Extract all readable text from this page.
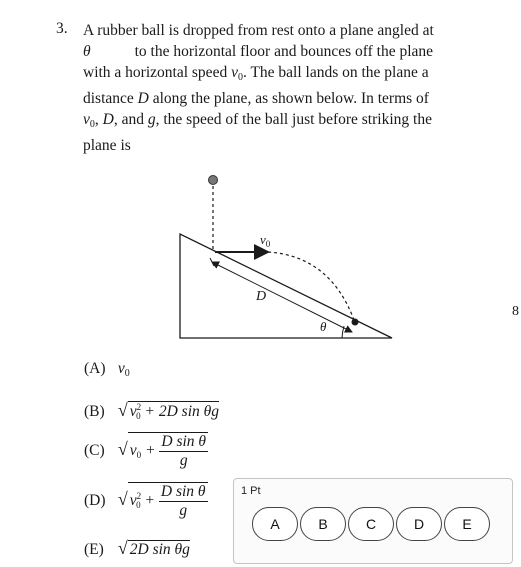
3. A rubber ball is dropped from rest onto a plane angled at
θ	to the horizontal floor and bounces off the plane
with a horizontal speed $v_0$. The ball lands on the plane a
distance D along the plane, as shown below. In terms of
$v_0$, D, and g, the speed of the ball just before striking the
plane is
$v_0$
D
θ
(A) v0
(B) √ $v^20 + 2D$ sin θg
(C) √ $v0 + \frac{\text{D sin θ}}{g}$
(D) √ $v^20 + \frac{\text{D sin θ}}{g}$
(E) √ 2D sin θg
8
1 Pt
A	B	C	D	E
